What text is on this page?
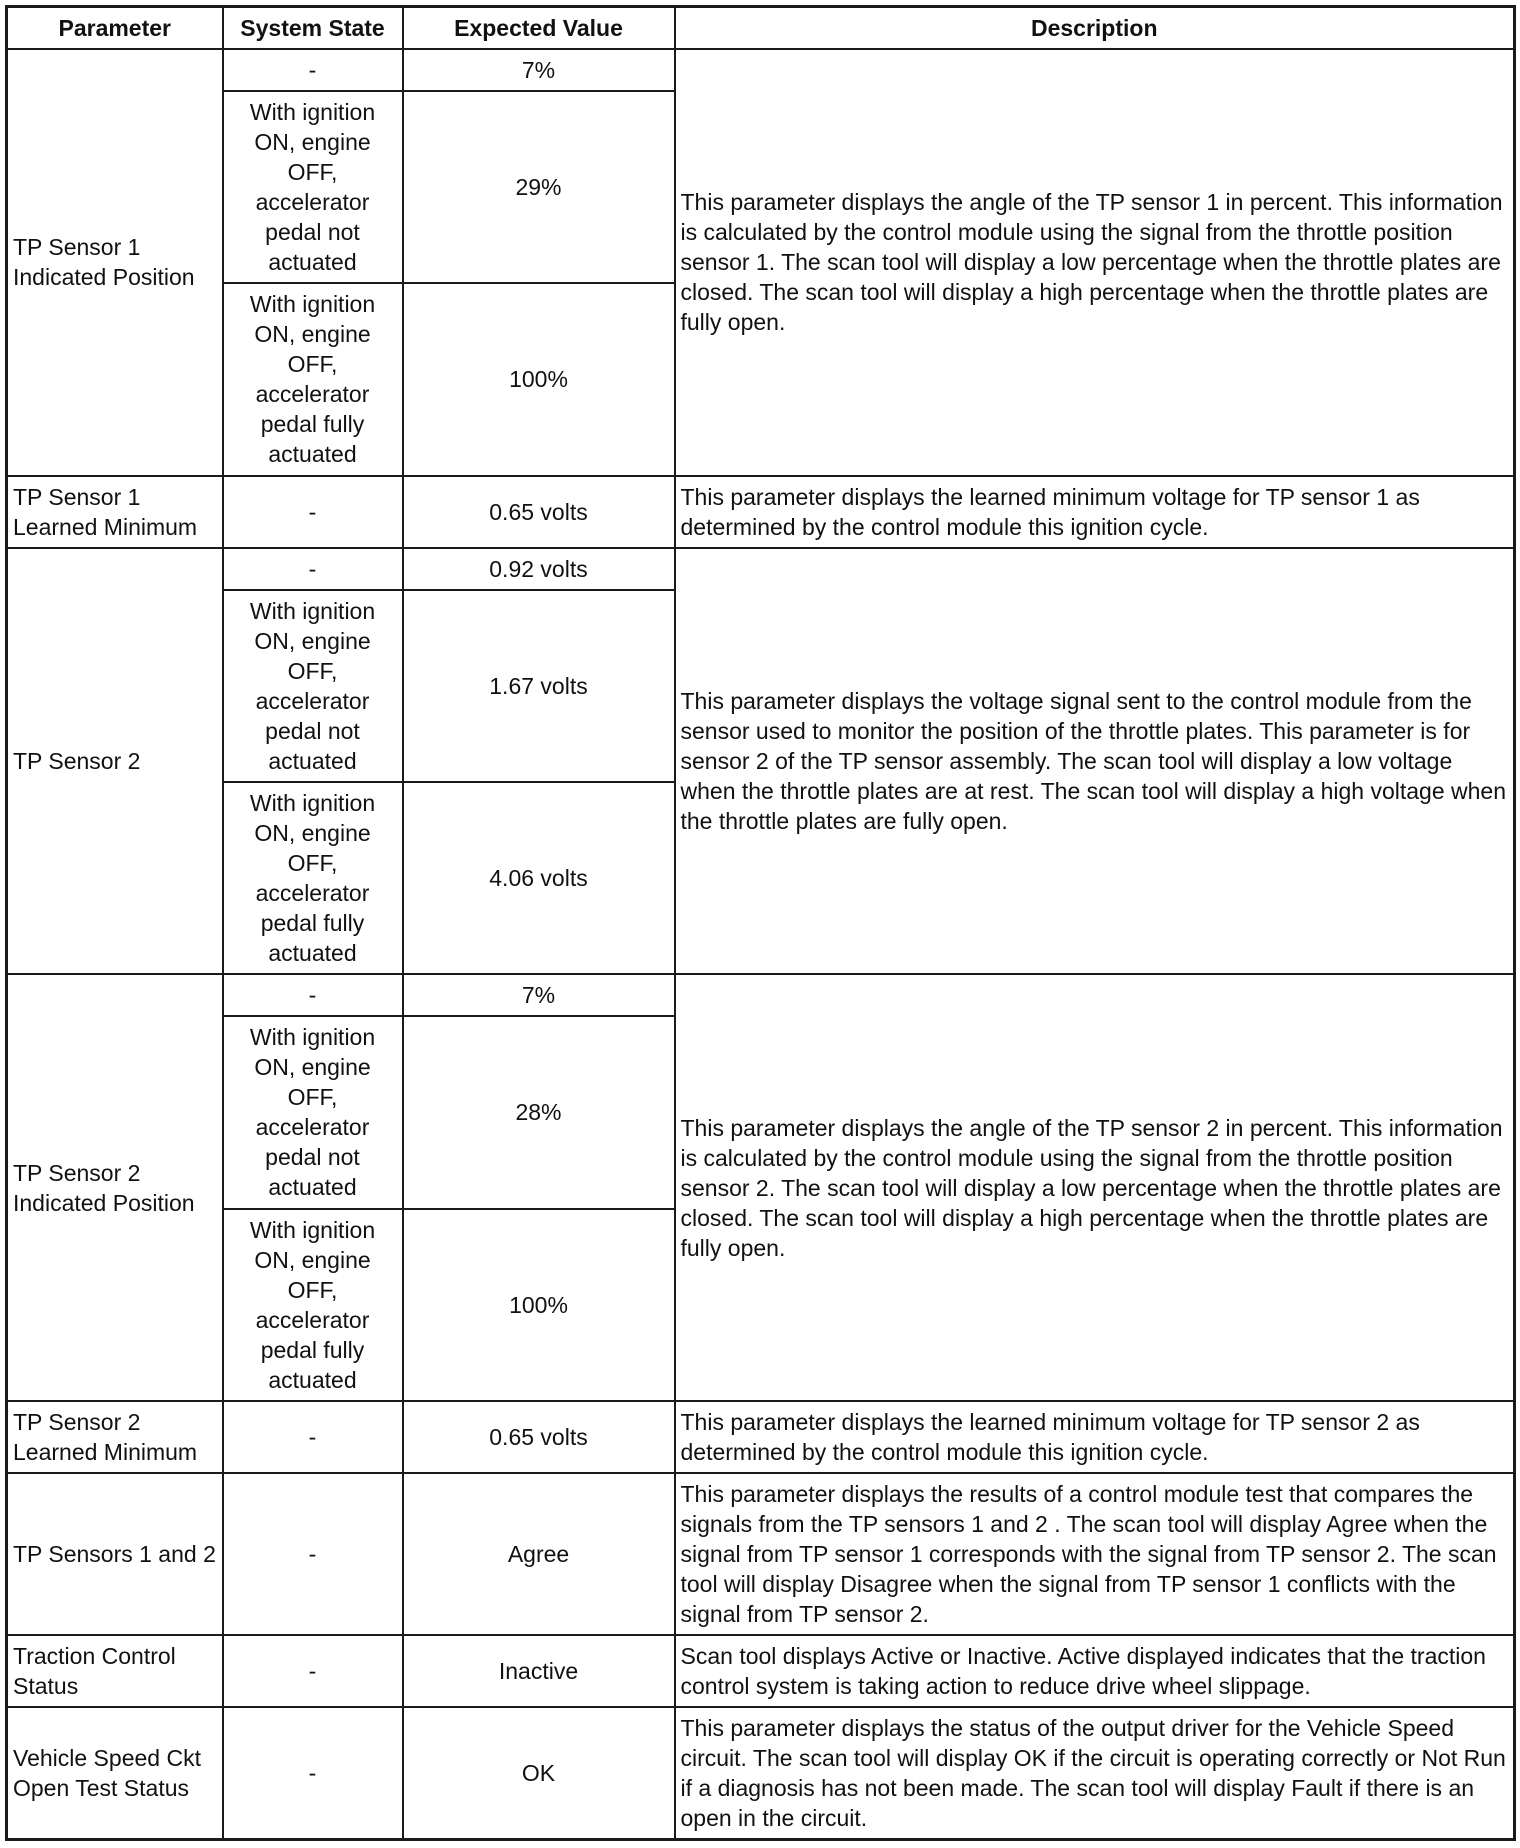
Parameter	System State	Expected Value	Description
TP Sensor 1 Indicated Position	-	7%	This parameter displays the angle of the TP sensor 1 in percent. This information is calculated by the control module using the signal from the throttle position sensor 1. The scan tool will display a low percentage when the throttle plates are closed. The scan tool will display a high percentage when the throttle plates are fully open.
	With ignition ON, engine OFF, accelerator pedal not actuated	29%	
	With ignition ON, engine OFF, accelerator pedal fully actuated	100%	
TP Sensor 1 Learned Minimum	-	0.65 volts	This parameter displays the learned minimum voltage for TP sensor 1 as determined by the control module this ignition cycle.
TP Sensor 2	-	0.92 volts	This parameter displays the voltage signal sent to the control module from the sensor used to monitor the position of the throttle plates. This parameter is for sensor 2 of the TP sensor assembly. The scan tool will display a low voltage when the throttle plates are at rest. The scan tool will display a high voltage when the throttle plates are fully open.
	With ignition ON, engine OFF, accelerator pedal not actuated	1.67 volts	
	With ignition ON, engine OFF, accelerator pedal fully actuated	4.06 volts	
TP Sensor 2 Indicated Position	-	7%	This parameter displays the angle of the TP sensor 2 in percent. This information is calculated by the control module using the signal from the throttle position sensor 2. The scan tool will display a low percentage when the throttle plates are closed. The scan tool will display a high percentage when the throttle plates are fully open.
	With ignition ON, engine OFF, accelerator pedal not actuated	28%	
	With ignition ON, engine OFF, accelerator pedal fully actuated	100%	
TP Sensor 2 Learned Minimum	-	0.65 volts	This parameter displays the learned minimum voltage for TP sensor 2 as determined by the control module this ignition cycle.
TP Sensors 1 and 2	-	Agree	This parameter displays the results of a control module test that compares the signals from the TP sensors 1 and 2 . The scan tool will display Agree when the signal from TP sensor 1 corresponds with the signal from TP sensor 2. The scan tool will display Disagree when the signal from TP sensor 1 conflicts with the signal from TP sensor 2.
Traction Control Status	-	Inactive	Scan tool displays Active or Inactive. Active displayed indicates that the traction control system is taking action to reduce drive wheel slippage.
Vehicle Speed Ckt Open Test Status	-	OK	This parameter displays the status of the output driver for the Vehicle Speed circuit. The scan tool will display OK if the circuit is operating correctly or Not Run if a diagnosis has not been made. The scan tool will display Fault if there is an open in the circuit.
